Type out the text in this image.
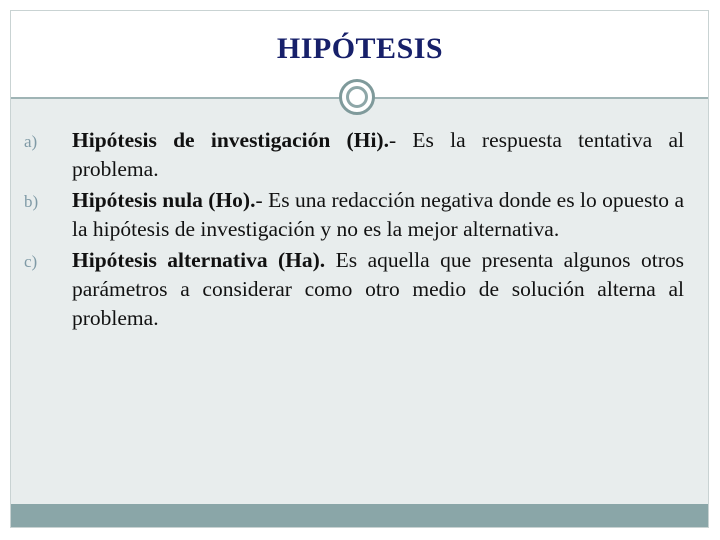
HIPÓTESIS
a) Hipótesis de investigación (Hi).- Es la respuesta tentativa al problema.
b) Hipótesis nula (Ho).- Es una redacción negativa donde es lo opuesto a la hipótesis de investigación y no es la mejor alternativa.
c) Hipótesis alternativa (Ha). Es aquella que presenta algunos otros parámetros a considerar como otro medio de solución alterna al problema.
